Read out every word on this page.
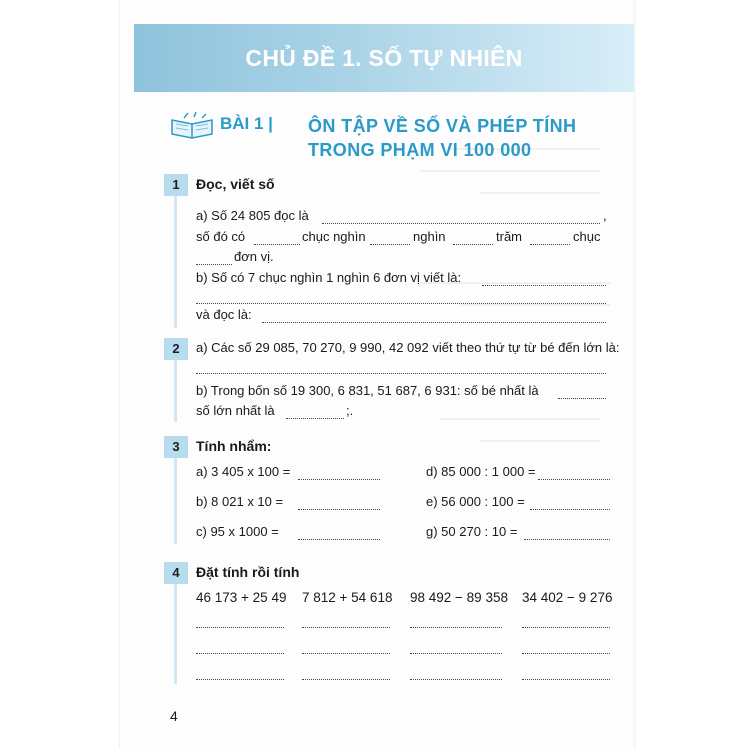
CHỦ ĐỀ 1. SỐ TỰ NHIÊN
BÀI 1 | ÔN TẬP VỀ SỐ VÀ PHÉP TÍNH
TRONG PHẠM VI 100 000
1	Đọc, viết số
a) Số 24 805 đọc là	,
số đó có	chục nghìn	nghìn	trăm	chục
đơn vị.
b) Số có 7 chục nghìn 1 nghìn 6 đơn vị viết là:
và đọc là:
2	a) Các số 29 085, 70 270, 9 990, 42 092 viết theo thứ tự từ bé đến lớn là:
b) Trong bốn số 19 300, 6 831, 51 687, 6 931: số bé nhất là
số lớn nhất là	;.
3	Tính nhẩm:
a) 3 405 x 100 =	d) 85 000 : 1 000 =
b) 8 021 x 10 =	e) 56 000 : 100 =
c) 95 x 1000 =	g) 50 270 : 10 =
4	Đặt tính rồi tính
46 173 + 25 49 7 812 + 54 618 98 492 − 89 358 34 402 − 9 276
4
